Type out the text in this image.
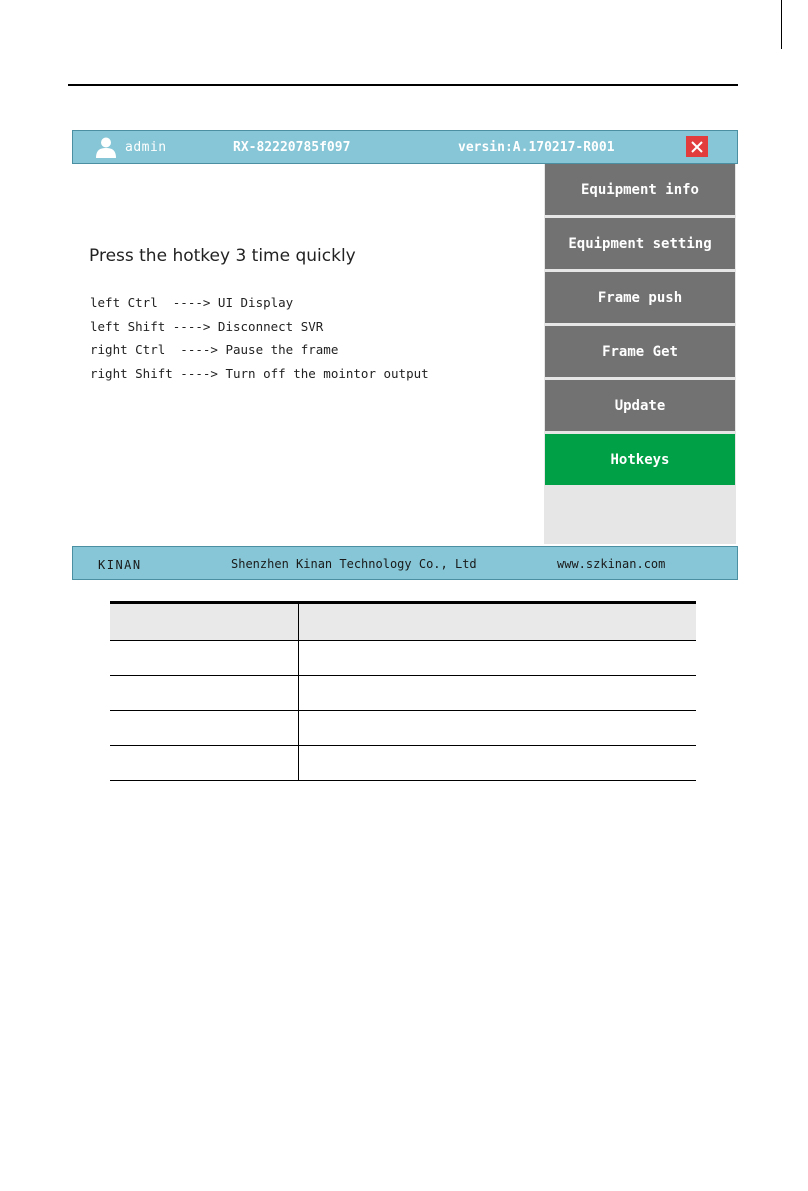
admin	RX-82220785f097	versin:A.170217-R001
Press the hotkey 3 time quickly
left Ctrl  ----> UI Display
left Shift ----> Disconnect SVR
right Ctrl  ----> Pause the frame
right Shift ----> Turn off the mointor output
Equipment info
Equipment setting
Frame push
Frame Get
Update
Hotkeys
KINAN	Shenzhen Kinan Technology Co., Ltd	www.szkinan.com
